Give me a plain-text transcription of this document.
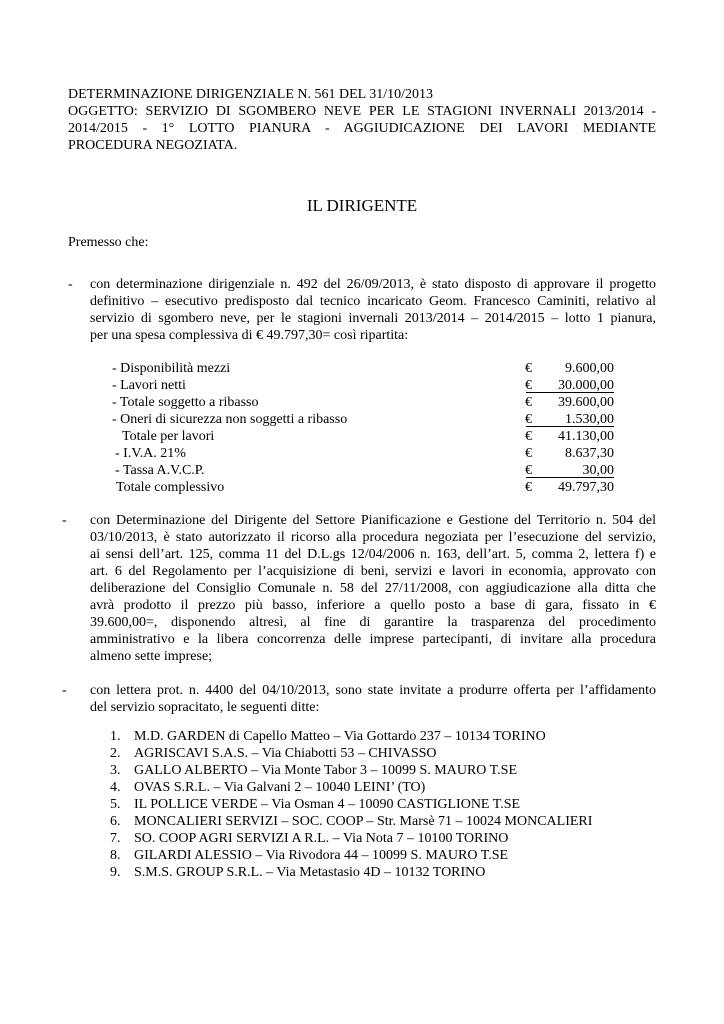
DETERMINAZIONE DIRIGENZIALE N. 561 DEL 31/10/2013
OGGETTO: SERVIZIO DI SGOMBERO NEVE PER LE STAGIONI INVERNALI 2013/2014 -
2014/2015 - 1° LOTTO PIANURA - AGGIUDICAZIONE DEI LAVORI MEDIANTE
PROCEDURA NEGOZIATA.
IL DIRIGENTE
Premesso che:
- con determinazione dirigenziale n. 492 del 26/09/2013, è stato disposto di approvare il progetto
definitivo – esecutivo predisposto dal tecnico incaricato Geom. Francesco Caminiti, relativo al
servizio di sgombero neve, per le stagioni invernali 2013/2014 – 2014/2015 – lotto 1 pianura,
per una spesa complessiva di € 49.797,30= così ripartita:
- Disponibilità mezzi	€ 9.600,00
- Lavori netti	€ 30.000,00
- Totale soggetto a ribasso	€ 39.600,00
- Oneri di sicurezza non soggetti a ribasso	€ 1.530,00
Totale per lavori	€ 41.130,00
- I.V.A. 21%	€ 8.637,30
- Tassa A.V.C.P.	€	30,00
Totale complessivo	€ 49.797,30
- con Determinazione del Dirigente del Settore Pianificazione e Gestione del Territorio n. 504 del
03/10/2013, è stato autorizzato il ricorso alla procedura negoziata per l’esecuzione del servizio,
ai sensi dell’art. 125, comma 11 del D.L.gs 12/04/2006 n. 163, dell’art. 5, comma 2, lettera f) e
art. 6 del Regolamento per l’acquisizione di beni, servizi e lavori in economia, approvato con
deliberazione del Consiglio Comunale n. 58 del 27/11/2008, con aggiudicazione alla ditta che
avrà prodotto il prezzo più basso, inferiore a quello posto a base di gara, fissato in €
39.600,00=, disponendo altresì, al fine di garantire la trasparenza del procedimento
amministrativo e la libera concorrenza delle imprese partecipanti, di invitare alla procedura
almeno sette imprese;
- con lettera prot. n. 4400 del 04/10/2013, sono state invitate a produrre offerta per l’affidamento
del servizio sopracitato, le seguenti ditte:
1. M.D. GARDEN di Capello Matteo – Via Gottardo 237 – 10134 TORINO
2. AGRISCAVI S.A.S. – Via Chiabotti 53 – CHIVASSO
3. GALLO ALBERTO – Via Monte Tabor 3 – 10099 S. MAURO T.SE
4. OVAS S.R.L. – Via Galvani 2 – 10040 LEINI’ (TO)
5. IL POLLICE VERDE – Via Osman 4 – 10090 CASTIGLIONE T.SE
6. MONCALIERI SERVIZI – SOC. COOP – Str. Marsè 71 – 10024 MONCALIERI
7. SO. COOP AGRI SERVIZI A R.L. – Via Nota 7 – 10100 TORINO
8. GILARDI ALESSIO – Via Rivodora 44 – 10099 S. MAURO T.SE
9. S.M.S. GROUP S.R.L. – Via Metastasio 4D – 10132 TORINO
